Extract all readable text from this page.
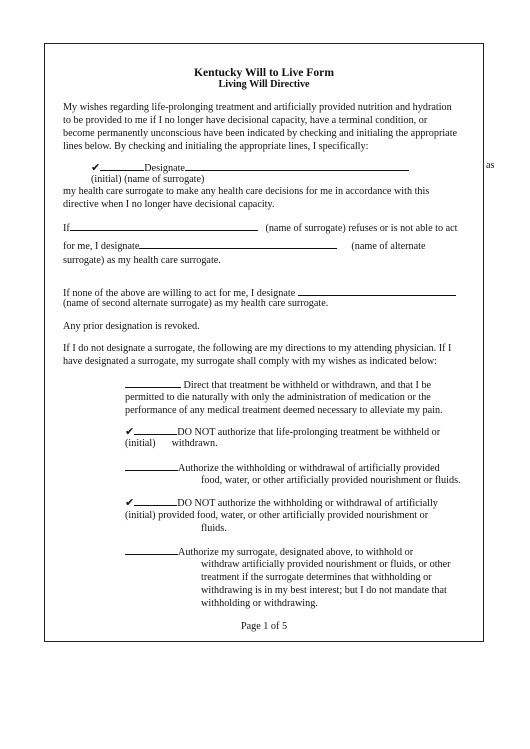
Kentucky Will to Live Form
Living Will Directive
My wishes regarding life-prolonging treatment and artificially provided nutrition and hydration
to be provided to me if I no longer have decisional capacity, have a terminal condition, or
become permanently unconscious have been indicated by checking and initialing the appropriate
lines below. By checking and initialing the appropriate lines, I specifically:
✔	Designate	as
(initial) (name of surrogate)
my health care surrogate to make any health care decisions for me in accordance with this
directive when I no longer have decisional capacity.
If	(name of surrogate) refuses or is not able to act
for me, I designate	(name of alternate
surrogate) as my health care surrogate.
If none of the above are willing to act for me, I designate
(name of second alternate surrogate) as my health care surrogate.
Any prior designation is revoked.
If I do not designate a surrogate, the following are my directions to my attending physician. If I
have designated a surrogate, my surrogate shall comply with my wishes as indicated below:
Direct that treatment be withheld or withdrawn, and that I be
permitted to die naturally with only the administration of medication or the
performance of any medical treatment deemed necessary to alleviate my pain.
✔	DO NOT authorize that life-prolonging treatment be withheld or
(initial) withdrawn.
Authorize the withholding or withdrawal of artificially provided
food, water, or other artificially provided nourishment or fluids.
✔	DO NOT authorize the withholding or withdrawal of artificially
(initial) provided food, water, or other artificially provided nourishment or
fluids.
Authorize my surrogate, designated above, to withhold or
withdraw artificially provided nourishment or fluids, or other
treatment if the surrogate determines that withholding or
withdrawing is in my best interest; but I do not mandate that
withholding or withdrawing.
Page 1 of 5
